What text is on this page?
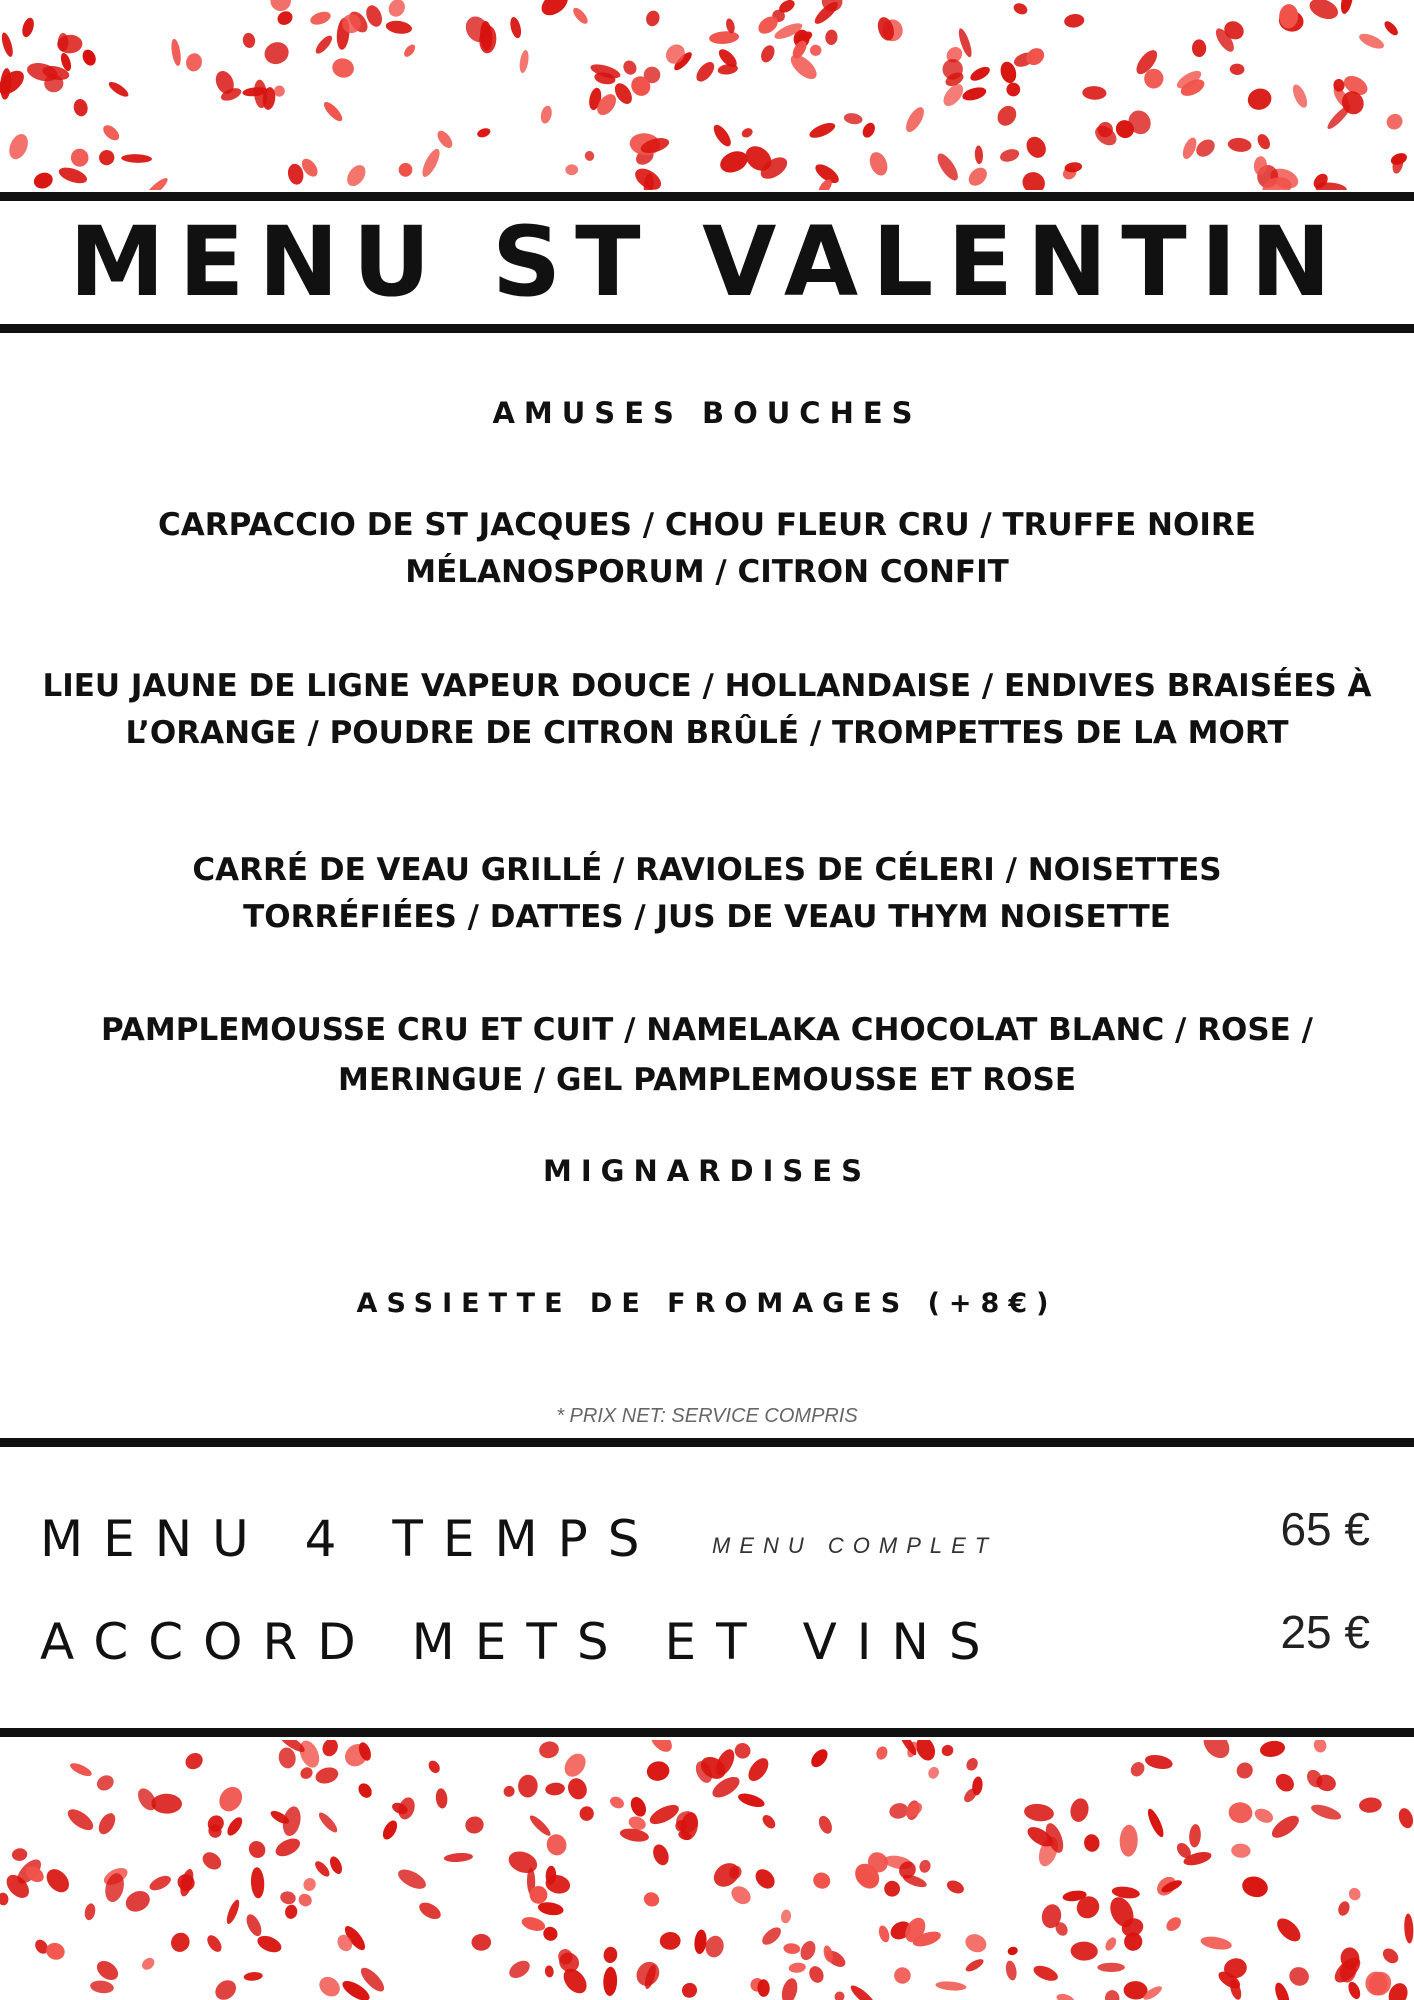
MENU ST VALENTIN
AMUSES BOUCHES
CARPACCIO DE ST JACQUES / CHOU FLEUR CRU / TRUFFE NOIRE
MÉLANOSPORUM / CITRON CONFIT
LIEU JAUNE DE LIGNE VAPEUR DOUCE / HOLLANDAISE / ENDIVES BRAISÉES À
L’ORANGE / POUDRE DE CITRON BRÛLÉ / TROMPETTES DE LA MORT
CARRÉ DE VEAU GRILLÉ / RAVIOLES DE CÉLERI / NOISETTES
TORRÉFIÉES / DATTES / JUS DE VEAU THYM NOISETTE
PAMPLEMOUSSE CRU ET CUIT / NAMELAKA CHOCOLAT BLANC / ROSE /
MERINGUE / GEL PAMPLEMOUSSE ET ROSE
MIGNARDISES
ASSIETTE DE FROMAGES (+8€)
* PRIX NET: SERVICE COMPRIS
MENU 4 TEMPS MENU COMPLET	65 €
ACCORD METS ET VINS	25 €
